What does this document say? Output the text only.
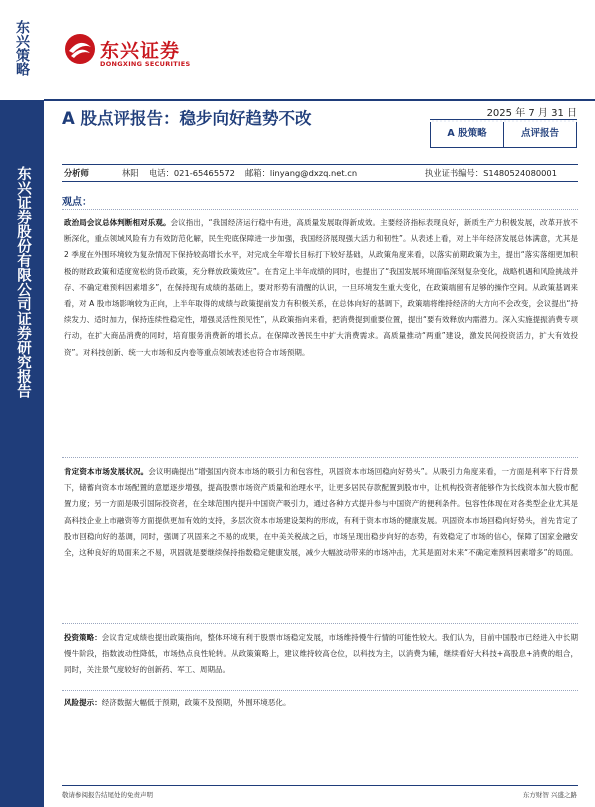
东兴策略
东兴证券股份有限公司证券研究报告
东兴证券
DONGXING SECURITIES
A 股点评报告：稳步向好趋势不改	2025 年 7 月 31 日
A 股策略	点评报告
分析师	林阳 电话：021-65465572 邮箱：linyang@dxzq.net.cn	执业证书编号：S1480524080001
观点：
政治局会议总体判断相对乐观。会议指出，“我国经济运行稳中有进，高质量发展取得新成效。主要经济指标表现良好，新质生产力积极发展，改革开放不断深化，重点领域风险有力有效防范化解，民生兜底保障进一步加强，我国经济展现强大活力和韧性”。从表述上看，对上半年经济发展总体满意，尤其是 2 季度在外围环境较为复杂情况下保持较高增长水平，对完成全年增长目标打下较好基础，从政策角度来看，以落实前期政策为主，提出“落实落细更加积极的财政政策和适度宽松的货币政策，充分释放政策效应”。在肯定上半年成绩的同时，也提出了“我国发展环境面临深刻复杂变化，战略机遇和风险挑战并存、不确定难预料因素增多”，在保持现有成绩的基础上，要对形势有清醒的认识，一旦环境发生重大变化，在政策端留有足够的操作空间。从政策基调来看，对 A 股市场影响较为正向，上半年取得的成绩与政策提前发力有积极关系，在总体向好的基调下，政策端将维持经济的大方向不会改变，会议提出“持续发力、适时加力，保持连续性稳定性，增强灵活性预见性”，从政策指向来看，把消费提到重要位置，提出“要有效释放内需潜力。深入实施提振消费专项行动，在扩大商品消费的同时，培育服务消费新的增长点。在保障改善民生中扩大消费需求。高质量推动“两重”建设，激发民间投资活力，扩大有效投资”。对科技创新、统一大市场和反内卷等重点领域表述也符合市场预期。
肯定资本市场发展状况。会议明确提出“增强国内资本市场的吸引力和包容性，巩固资本市场回稳向好势头”。从吸引力角度来看，一方面是利率下行背景下，储蓄向资本市场配置的意愿逐步增强，提高股票市场资产质量和治理水平，让更多居民存款配置到股市中，让机构投资者能够作为长线资本加大股市配置力度；另一方面是吸引国际投资者，在全球范围内提升中国资产吸引力，通过各种方式提升参与中国资产的便利条件。包容性体现在对各类型企业尤其是高科技企业上市融资等方面提供更加有效的支持，多层次资本市场建设架构的形成，有利于资本市场的健康发展。巩固资本市场回稳向好势头，首先肯定了股市回稳向好的基调，同时，强调了巩固来之不易的成果，在中美关税战之后，市场呈现出稳步向好的态势，有效稳定了市场的信心，保障了国家金融安全，这种良好的局面来之不易，巩固就是要继续保持指数稳定健康发展，减少大幅波动带来的市场冲击，尤其是面对未来“不确定难预料因素增多”的局面。
投资策略：会议肯定成绩也提出政策指向，整体环境有利于股票市场稳定发展，市场维持慢牛行情的可能性较大。我们认为，目前中国股市已经进入中长期慢牛阶段，指数波动性降低，市场热点良性轮转。从政策策略上，建议维持较高仓位，以科技为主，以消费为辅，继续看好大科技+高股息+消费的组合，同时，关注景气度较好的创新药、军工、周期品。
风险提示：经济数据大幅低于预期，政策不及预期，外围环境恶化。
敬请参阅报告结尾处的免责声明	东方财智 兴盛之路
